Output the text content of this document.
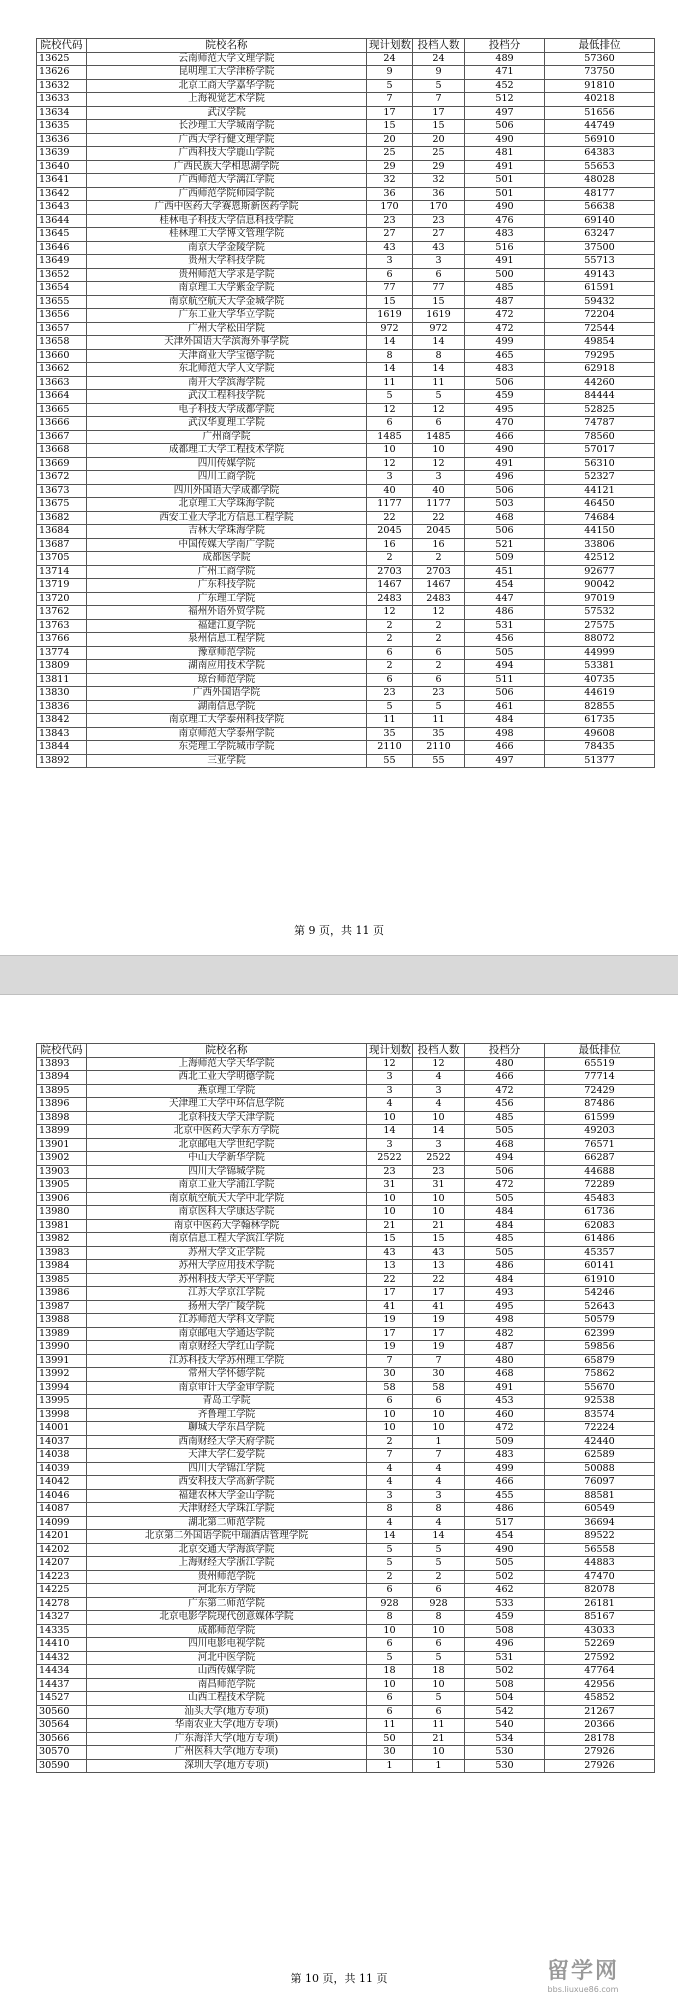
院校代码	院校名称	现计划数	投档人数	投档分	最低排位
13625	云南师范大学文理学院	24	24	489	57360
13626	昆明理工大学津桥学院	9	9	471	73750
13632	北京工商大学嘉华学院	5	5	452	91810
13633	上海视觉艺术学院	7	7	512	40218
13634	武汉学院	17	17	497	51656
13635	长沙理工大学城南学院	15	15	506	44749
13636	广西大学行健文理学院	20	20	490	56910
13639	广西科技大学鹿山学院	25	25	481	64383
13640	广西民族大学相思湖学院	29	29	491	55653
13641	广西师范大学漓江学院	32	32	501	48028
13642	广西师范学院师园学院	36	36	501	48177
13643	广西中医药大学赛恩斯新医药学院	170	170	490	56638
13644	桂林电子科技大学信息科技学院	23	23	476	69140
13645	桂林理工大学博文管理学院	27	27	483	63247
13646	南京大学金陵学院	43	43	516	37500
13649	贵州大学科技学院	3	3	491	55713
13652	贵州师范大学求是学院	6	6	500	49143
13654	南京理工大学紫金学院	77	77	485	61591
13655	南京航空航天大学金城学院	15	15	487	59432
13656	广东工业大学华立学院	1619	1619	472	72204
13657	广州大学松田学院	972	972	472	72544
13658	天津外国语大学滨海外事学院	14	14	499	49854
13660	天津商业大学宝德学院	8	8	465	79295
13662	东北师范大学人文学院	14	14	483	62918
13663	南开大学滨海学院	11	11	506	44260
13664	武汉工程科技学院	5	5	459	84444
13665	电子科技大学成都学院	12	12	495	52825
13666	武汉华夏理工学院	6	6	470	74787
13667	广州商学院	1485	1485	466	78560
13668	成都理工大学工程技术学院	10	10	490	57017
13669	四川传媒学院	12	12	491	56310
13672	四川工商学院	3	3	496	52327
13673	四川外国语大学成都学院	40	40	506	44121
13675	北京理工大学珠海学院	1177	1177	503	46450
13682	西安工业大学北方信息工程学院	22	22	468	74684
13684	吉林大学珠海学院	2045	2045	506	44150
13687	中国传媒大学南广学院	16	16	521	33806
13705	成都医学院	2	2	509	42512
13714	广州工商学院	2703	2703	451	92677
13719	广东科技学院	1467	1467	454	90042
13720	广东理工学院	2483	2483	447	97019
13762	福州外语外贸学院	12	12	486	57532
13763	福建江夏学院	2	2	531	27575
13766	泉州信息工程学院	2	2	456	88072
13774	豫章师范学院	6	6	505	44999
13809	湖南应用技术学院	2	2	494	53381
13811	琼台师范学院	6	6	511	40735
13830	广西外国语学院	23	23	506	44619
13836	湖南信息学院	5	5	461	82855
13842	南京理工大学泰州科技学院	11	11	484	61735
13843	南京师范大学泰州学院	35	35	498	49608
13844	东莞理工学院城市学院	2110	2110	466	78435
13892	三亚学院	55	55	497	51377
第 9 页，共 11 页
院校代码	院校名称	现计划数	投档人数	投档分	最低排位
13893	上海师范大学天华学院	12	12	480	65519
13894	西北工业大学明德学院	3	4	466	77714
13895	燕京理工学院	3	3	472	72429
13896	天津理工大学中环信息学院	4	4	456	87486
13898	北京科技大学天津学院	10	10	485	61599
13899	北京中医药大学东方学院	14	14	505	49203
13901	北京邮电大学世纪学院	3	3	468	76571
13902	中山大学新华学院	2522	2522	494	66287
13903	四川大学锦城学院	23	23	506	44688
13905	南京工业大学浦江学院	31	31	472	72289
13906	南京航空航天大学中北学院	10	10	505	45483
13980	南京医科大学康达学院	10	10	484	61736
13981	南京中医药大学翰林学院	21	21	484	62083
13982	南京信息工程大学滨江学院	15	15	485	61486
13983	苏州大学文正学院	43	43	505	45357
13984	苏州大学应用技术学院	13	13	486	60141
13985	苏州科技大学天平学院	22	22	484	61910
13986	江苏大学京江学院	17	17	493	54246
13987	扬州大学广陵学院	41	41	495	52643
13988	江苏师范大学科文学院	19	19	498	50579
13989	南京邮电大学通达学院	17	17	482	62399
13990	南京财经大学红山学院	19	19	487	59856
13991	江苏科技大学苏州理工学院	7	7	480	65879
13992	常州大学怀德学院	30	30	468	75862
13994	南京审计大学金审学院	58	58	491	55670
13995	青岛工学院	6	6	453	92538
13998	齐鲁理工学院	10	10	460	83574
14001	聊城大学东昌学院	10	10	472	72224
14037	西南财经大学天府学院	2	1	509	42440
14038	天津大学仁爱学院	7	7	483	62589
14039	四川大学锦江学院	4	4	499	50088
14042	西安科技大学高新学院	4	4	466	76097
14046	福建农林大学金山学院	3	3	455	88581
14087	天津财经大学珠江学院	8	8	486	60549
14099	湖北第二师范学院	4	4	517	36694
14201	北京第二外国语学院中瑞酒店管理学院	14	14	454	89522
14202	北京交通大学海滨学院	5	5	490	56558
14207	上海财经大学浙江学院	5	5	505	44883
14223	贵州师范学院	2	2	502	47470
14225	河北东方学院	6	6	462	82078
14278	广东第二师范学院	928	928	533	26181
14327	北京电影学院现代创意媒体学院	8	8	459	85167
14335	成都师范学院	10	10	508	43033
14410	四川电影电视学院	6	6	496	52269
14432	河北中医学院	5	5	531	27592
14434	山西传媒学院	18	18	502	47764
14437	南昌师范学院	10	10	508	42956
14527	山西工程技术学院	6	5	504	45852
30560	汕头大学(地方专项)	6	6	542	21267
30564	华南农业大学(地方专项)	11	11	540	20366
30566	广东海洋大学(地方专项)	50	21	534	28178
30570	广州医科大学(地方专项)	30	10	530	27926
30590	深圳大学(地方专项)	1	1	530	27926
第 10 页，共 11 页	留学网
bbs.liuxue86.com
